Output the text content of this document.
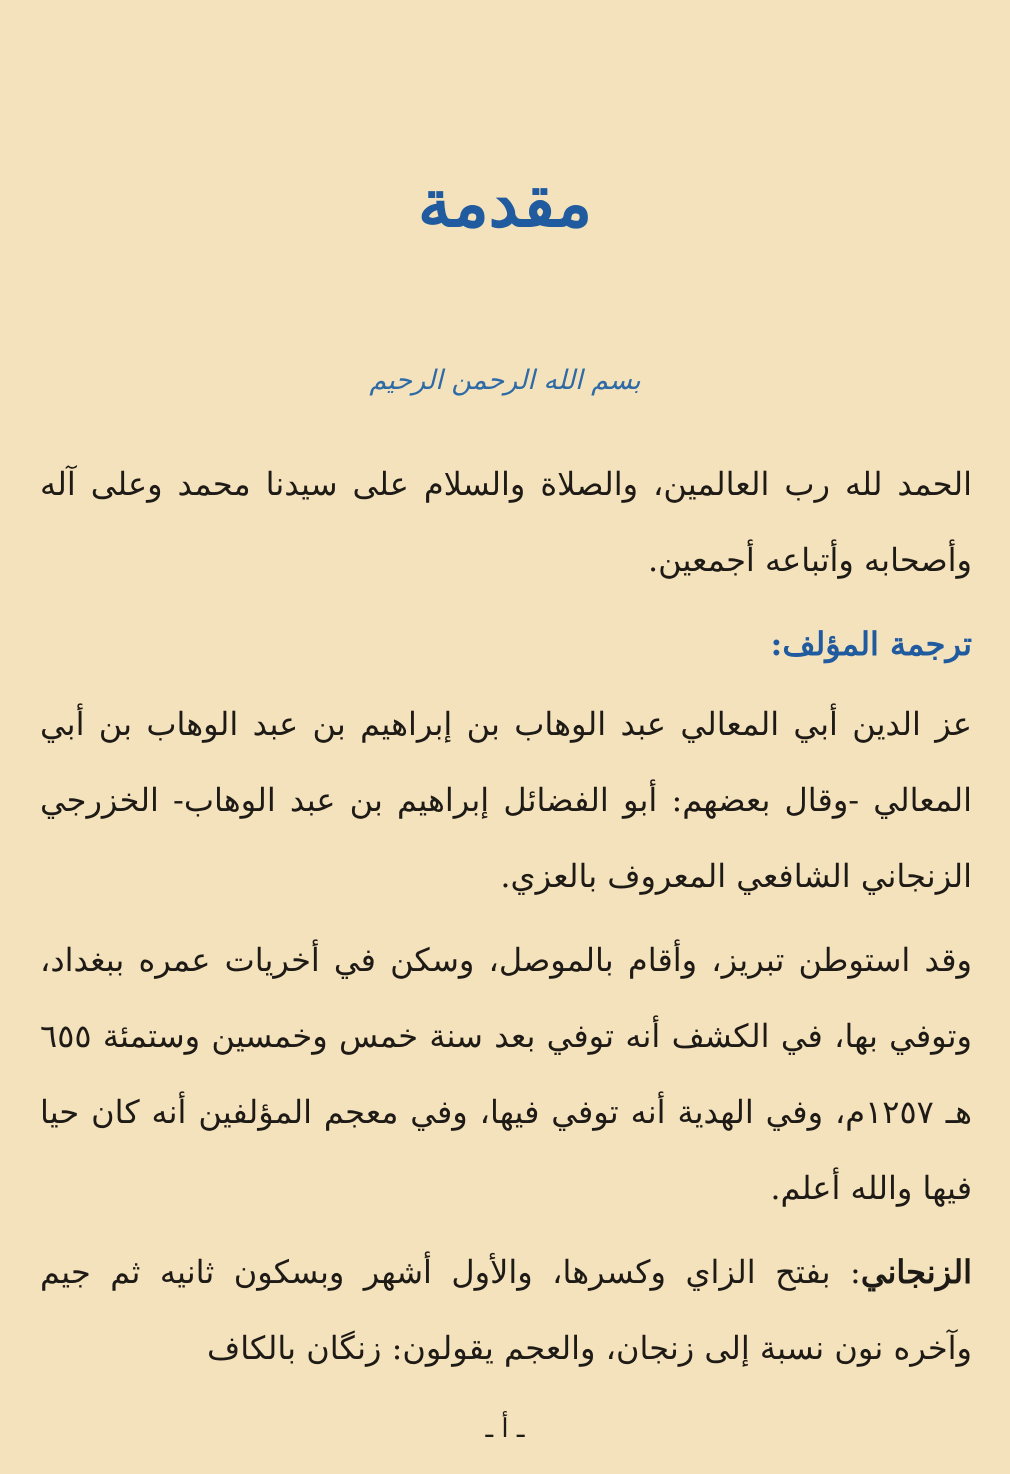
مقدمة
بسم الله الرحمن الرحيم

الحمد لله رب العالمين، والصلاة والسلام على سيدنا محمد وعلى آله وأصحابه وأتباعه أجمعين.

ترجمة المؤلف:

عز الدين أبي المعالي عبد الوهاب بن إبراهيم بن عبد الوهاب بن أبي المعالي -وقال بعضهم: أبو الفضائل إبراهيم بن عبد الوهاب- الخزرجي الزنجاني الشافعي المعروف بالعزي.

وقد استوطن تبريز، وأقام بالموصل، وسكن في أخريات عمره ببغداد، وتوفي بها، في الكشف أنه توفي بعد سنة خمس وخمسين وستمئة ٦٥٥ هـ ١٢٥٧م، وفي الهدية أنه توفي فيها، وفي معجم المؤلفين أنه كان حيا فيها والله أعلم.

الزنجاني: بفتح الزاي وكسرها، والأول أشهر وبسكون ثانيه ثم جيم وآخره نون نسبة إلى زنجان، والعجم يقولون: زنگان بالكاف

ـ أ ـ
